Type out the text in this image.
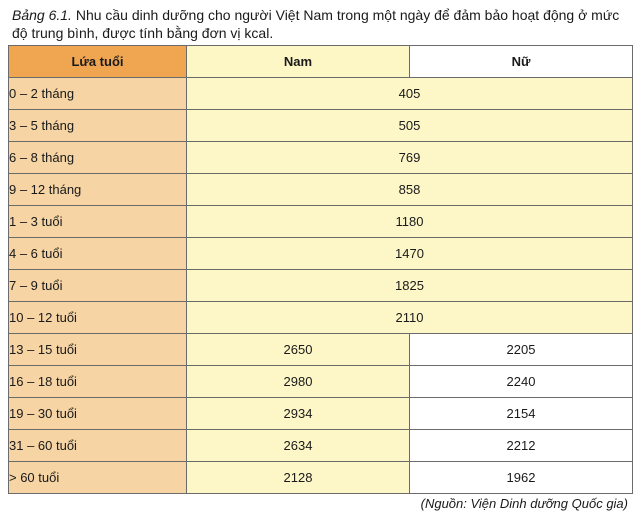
Bảng 6.1. Nhu cầu dinh dưỡng cho người Việt Nam trong một ngày để đảm bảo hoạt động ở mức độ trung bình, được tính bằng đơn vị kcal.
Lứa tuổi	Nam	Nữ
0 – 2 tháng	405	
3 – 5 tháng	505	
6 – 8 tháng	769	
9 – 12 tháng	858	
1 – 3 tuổi	1180	
4 – 6 tuổi	1470	
7 – 9 tuổi	1825	
10 – 12 tuổi	2110	
13 – 15 tuổi	2650	2205
16 – 18 tuổi	2980	2240
19 – 30 tuổi	2934	2154
31 – 60 tuổi	2634	2212
> 60 tuổi	2128	1962
(Nguồn: Viện Dinh dưỡng Quốc gia)
